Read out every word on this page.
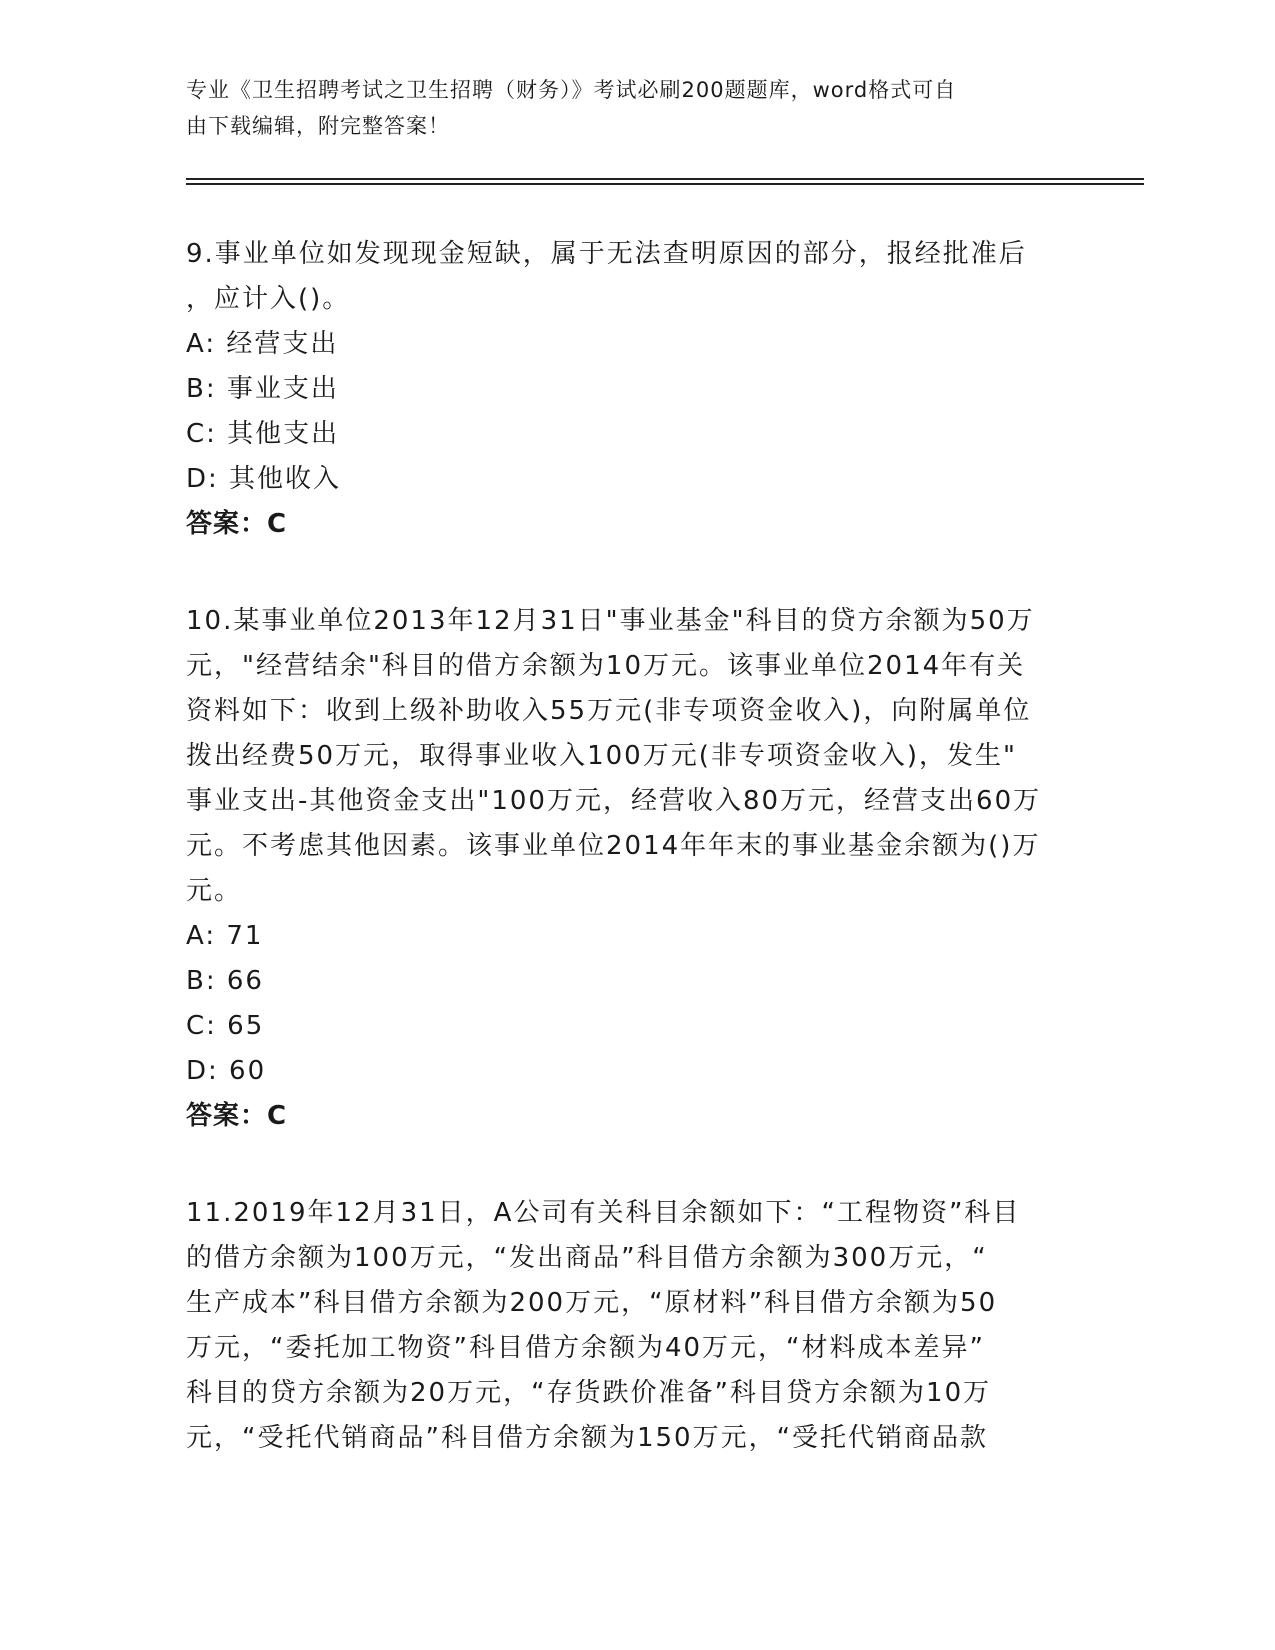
专业《卫生招聘考试之卫生招聘（财务）》考试必刷200题题库，word格式可自
由下载编辑，附完整答案！

9.事业单位如发现现金短缺，属于无法查明原因的部分，报经批准后

，应计入()。

A: 经营支出

B: 事业支出

C: 其他支出

D: 其他收入

答案：C

10.某事业单位2013年12月31日"事业基金"科目的贷方余额为50万

元，"经营结余"科目的借方余额为10万元。该事业单位2014年有关

资料如下：收到上级补助收入55万元(非专项资金收入)，向附属单位

拨出经费50万元，取得事业收入100万元(非专项资金收入)，发生"

事业支出-其他资金支出"100万元，经营收入80万元，经营支出60万

元。不考虑其他因素。该事业单位2014年年末的事业基金余额为()万

元。

A: 71

B: 66

C: 65

D: 60

答案：C

11.2019年12月31日，A公司有关科目余额如下：“工程物资”科目

的借方余额为100万元，“发出商品”科目借方余额为300万元，“

生产成本”科目借方余额为200万元，“原材料”科目借方余额为50

万元，“委托加工物资”科目借方余额为40万元，“材料成本差异”

科目的贷方余额为20万元，“存货跌价准备”科目贷方余额为10万

元，“受托代销商品”科目借方余额为150万元，“受托代销商品款
